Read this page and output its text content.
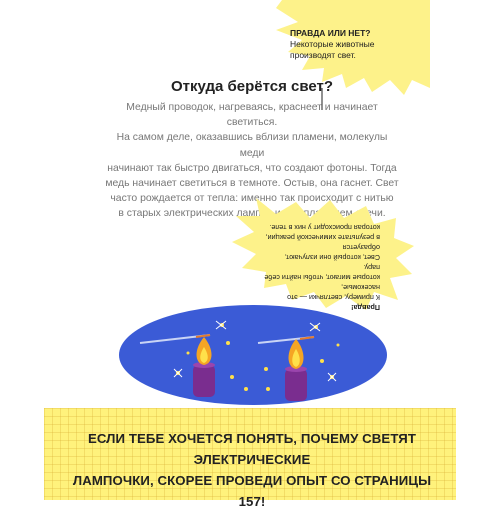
ПРАВДА ИЛИ НЕТ?
Некоторые животные
производят свет.
Откуда берётся свет?
Медный проводок, нагреваясь, краснеет и начинает светиться.
На самом деле, оказавшись вблизи пламени, молекулы меди
начинают так быстро двигаться, что создают фотоны. Тогда
медь начинает светиться в темноте. Остыв, она гаснет. Свет
часто рождается от тепла: именно так происходит с нитью
в старых электрических лампах или с пламенем свечи.
Правда!
К примеру, светлячки — это насекомые,
которые мигают, чтобы найти себе пару.
Свет, который они излучают, образуется
в результате химической реакции,
которая происходит у них в теле.
ЕСЛИ ТЕБЕ ХОЧЕТСЯ ПОНЯТЬ, ПОЧЕМУ СВЕТЯТ ЭЛЕКТРИЧЕСКИЕ
ЛАМПОЧКИ, СКОРЕЕ ПРОВЕДИ ОПЫТ СО СТРАНИЦЫ 157!
